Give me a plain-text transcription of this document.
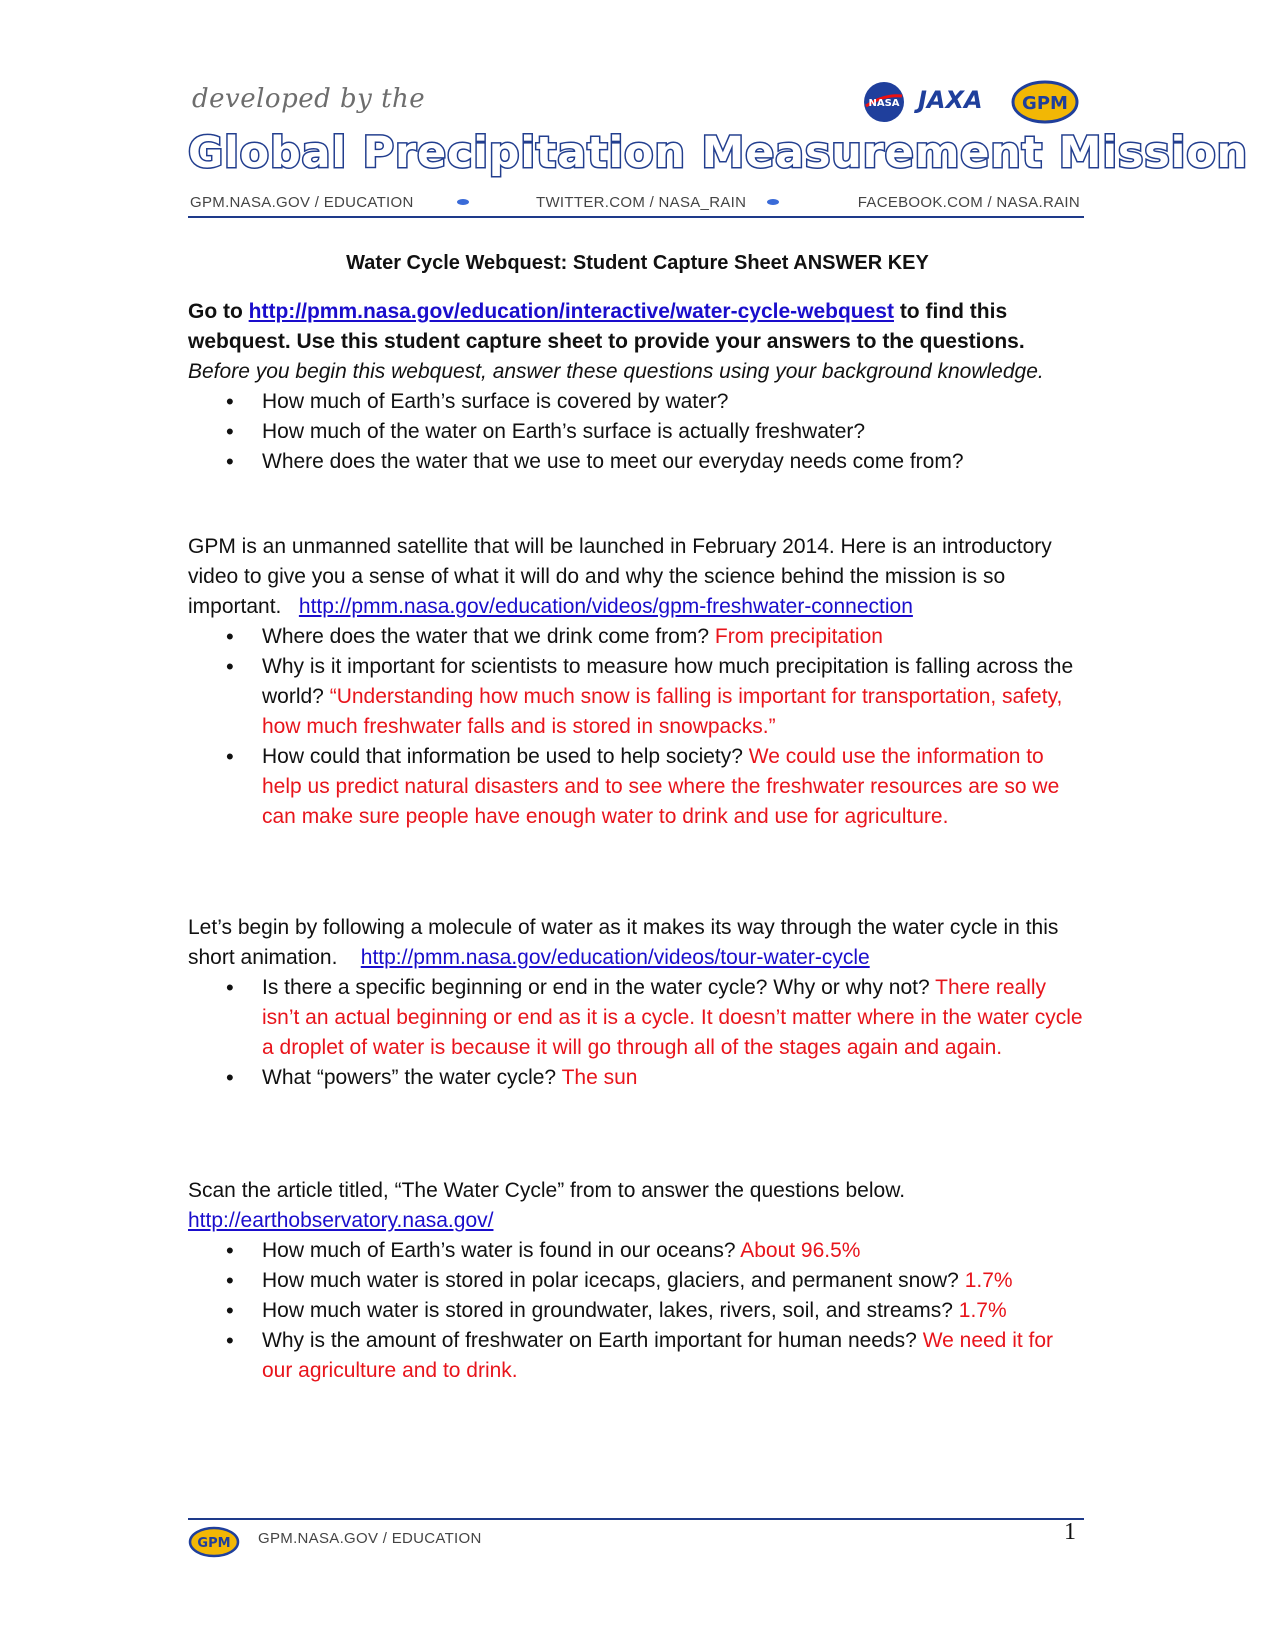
developed by the	NASA JAXA GPM
Global Precipitation Measurement Mission
GPM.NASA.GOV / EDUCATION	TWITTER.COM / NASA_RAIN	FACEBOOK.COM / NASA.RAIN
Water Cycle Webquest: Student Capture Sheet ANSWER KEY
Go to http://pmm.nasa.gov/education/interactive/water-cycle-webquest to find this webquest. Use this student capture sheet to provide your answers to the questions.
Before you begin this webquest, answer these questions using your background knowledge.
• How much of Earth’s surface is covered by water?
• How much of the water on Earth’s surface is actually freshwater?
• Where does the water that we use to meet our everyday needs come from?
GPM is an unmanned satellite that will be launched in February 2014. Here is an introductory video to give you a sense of what it will do and why the science behind the mission is so important. http://pmm.nasa.gov/education/videos/gpm-freshwater-connection
• Where does the water that we drink come from? From precipitation
• Why is it important for scientists to measure how much precipitation is falling across the world? “Understanding how much snow is falling is important for transportation, safety, how much freshwater falls and is stored in snowpacks.”
• How could that information be used to help society? We could use the information to help us predict natural disasters and to see where the freshwater resources are so we can make sure people have enough water to drink and use for agriculture.
Let’s begin by following a molecule of water as it makes its way through the water cycle in this short animation. http://pmm.nasa.gov/education/videos/tour-water-cycle
• Is there a specific beginning or end in the water cycle? Why or why not? There really isn’t an actual beginning or end as it is a cycle. It doesn’t matter where in the water cycle a droplet of water is because it will go through all of the stages again and again.
• What “powers” the water cycle? The sun
Scan the article titled, “The Water Cycle” from to answer the questions below.
http://earthobservatory.nasa.gov/
• How much of Earth’s water is found in our oceans? About 96.5%
• How much water is stored in polar icecaps, glaciers, and permanent snow? 1.7%
• How much water is stored in groundwater, lakes, rivers, soil, and streams? 1.7%
• Why is the amount of freshwater on Earth important for human needs? We need it for our agriculture and to drink.
GPM GPM.NASA.GOV / EDUCATION	1
